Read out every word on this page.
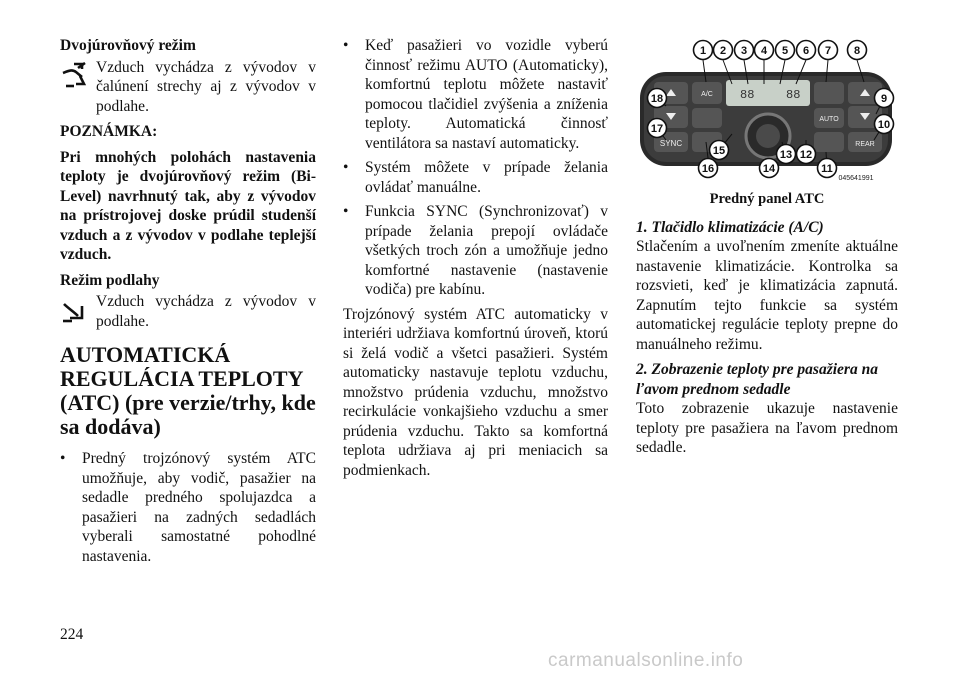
Dvojúrovňový režim

Vzduch vychádza z vývodov v čalúnení strechy aj z vývodov v podlahe.

POZNÁMKA:

Pri mnohých polohách nastavenia teploty je dvojúrovňový režim (Bi-Level) navrhnutý tak, aby z vývodov na prístrojovej doske prúdil studenší vzduch a z vývodov v podlahe teplejší vzduch.

Režim podlahy

Vzduch vychádza z vývodov v podlahe.

AUTOMATICKÁ REGULÁCIA TEPLOTY (ATC) (pre verzie/trhy, kde sa dodáva)
• Predný trojzónový systém ATC umožňuje, aby vodič, pasažier na sedadle predného spolujazdca a pasažieri na zadných sedadlách vyberali samostatné pohodlné nastavenia.

• Keď pasažieri vo vozidle vyberú činnosť režimu AUTO (Automaticky), komfortnú teplotu môžete nastaviť pomocou tlačidiel zvýšenia a zníženia teploty. Automatická činnosť ventilátora sa nastaví automaticky.

• Systém môžete v prípade želania ovládať manuálne.

• Funkcia SYNC (Synchronizovať) v prípade želania prepojí ovládače všetkých troch zón a umožňuje jedno komfortné nastavenie (nastavenie vodiča) pre kabínu.

Trojzónový systém ATC automaticky v interiéri udržiava komfortnú úroveň, ktorú si želá vodič a všetci pasažieri. Systém automaticky nastavuje teplotu vzduchu, množstvo prúdenia vzduchu, množstvo recirkulácie vonkajšieho vzduchu a smer prúdenia vzduchu. Takto sa komfortná teplota udržiava aj pri meniacich sa podmienkach.

SYNC
A/C 88	88
AUTO
REAR
1 2 3 4 5 6 7 8
9
10
11
12
13
14
15
16
17
18
045641991

Predný panel ATC

1. Tlačidlo klimatizácie (A/C)

Stlačením a uvoľnením zmeníte aktuálne nastavenie klimatizácie. Kontrolka sa rozsvieti, keď je klimatizácia zapnutá. Zapnutím tejto funkcie sa systém automatickej regulácie teploty prepne do manuálneho režimu.

2. Zobrazenie teploty pre pasažiera na ľavom prednom sedadle

Toto zobrazenie ukazuje nastavenie teploty pre pasažiera na ľavom prednom sedadle.

224
carmanualsonline.info
